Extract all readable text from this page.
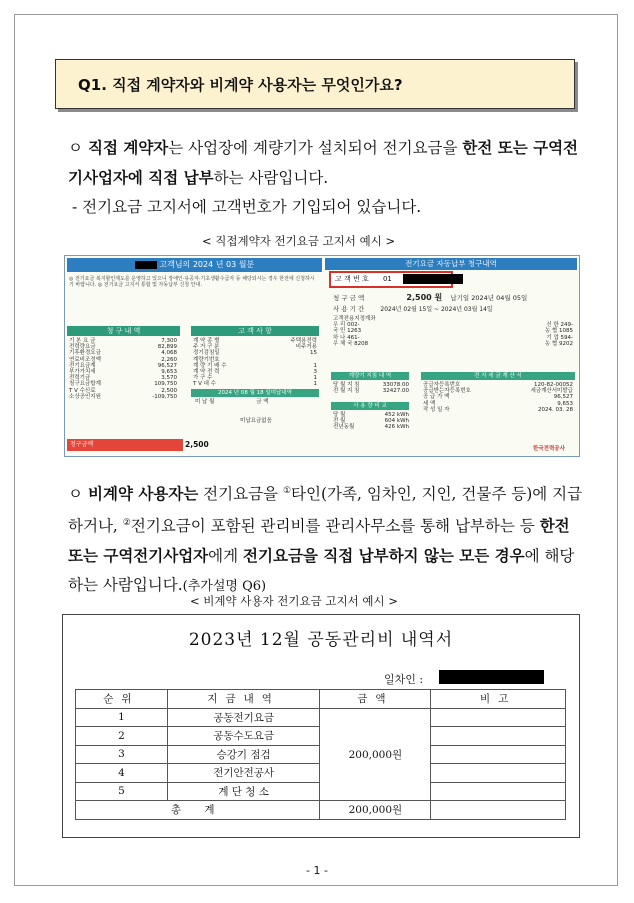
Q1. 직접 계약자와 비계약 사용자는 무엇인가요?
ㅇ 직접 계약자는 사업장에 계량기가 설치되어 전기요금을 한전 또는 구역전기사업자에 직접 납부하는 사람입니다.
- 전기요금 고지서에 고객번호가 기입되어 있습니다.
< 직접계약자 전기요금 고지서 예시 >
고객님의 2024 년 03 월분
◎ 전기요금 복지할인제도를 운영하고 있으니 장애인·유공자·기초생활수급자 등 해당되시는 경우 한전에 신청하시기 바랍니다. ◎ 전기요금 고지서 통합 및 자동납부 신청 안내.
청 구 내 역
기 본 요 금	7,300
전력량요금	82,899
기후환경요금	4,068
연료비조정액	2,260
전기요금계	96,527
부가가치세	9,653
전력기금	3,570
청구요금합계	109,750
T V 수신료	2,500
소상공인지원	-109,750
고 객 사 항
계 약 종 별	주택용전력
주 거 구 분	비주거용
정기검침일	15
계량기번호
계 량 기 배 수	1
계 약 전 력	3
가 구 수	1
T V 대 수	1
2024 년 08 월 18 일미납내역
미 납 월	금 액
미납요금없음
청구금액	2,500
전기요금 자동납부 청구내역
고 객 번 호 01
청 구 금 액	2,500 원 납기일 2024년 04월 05일
사 용 기 간	2024년 02월 15일 ~ 2024년 03월 14일
고객전용지정계좌
우 리 002-	신 한 249-
국 민 1263	농 협 1085
하 나 461-	기 업 594-
우 체 국 8208	농 협 9202
계량기 지침 내 역
당 월 지 침	33078.00
전 월 지 침	32427.00
사 용 량 비 교
당 월	452 kWh
전 월	604 kWh
전년동월	426 kWh
전 자 세 금 계 산 서
공급자등록번호	120-82-00052
공급받는자등록번호	세금계산서미발급
공 급 가 액	96,527
세 액	9,653
작 성 일 자	2024. 03. 28
한국전력공사
ㅇ 비계약 사용자는 전기요금을 ①타인(가족, 임차인, 지인, 건물주 등)에 지급하거나, ②전기요금이 포함된 관리비를 관리사무소를 통해 납부하는 등 한전 또는 구역전기사업자에게 전기요금을 직접 납부하지 않는 모든 경우에 해당하는 사람입니다.(추가설명 Q6)
< 비계약 사용자 전기요금 고지서 예시 >
2023년 12월 공동관리비 내역서
일차인 :
순위	지금내역	금액	비고
1	공동전기요금	200,000원	
2	공동수도요금		
3	승강기 점검		
4	전기안전공사		
5	계 단 청 소		
총 계		200,000원	
- 1 -
